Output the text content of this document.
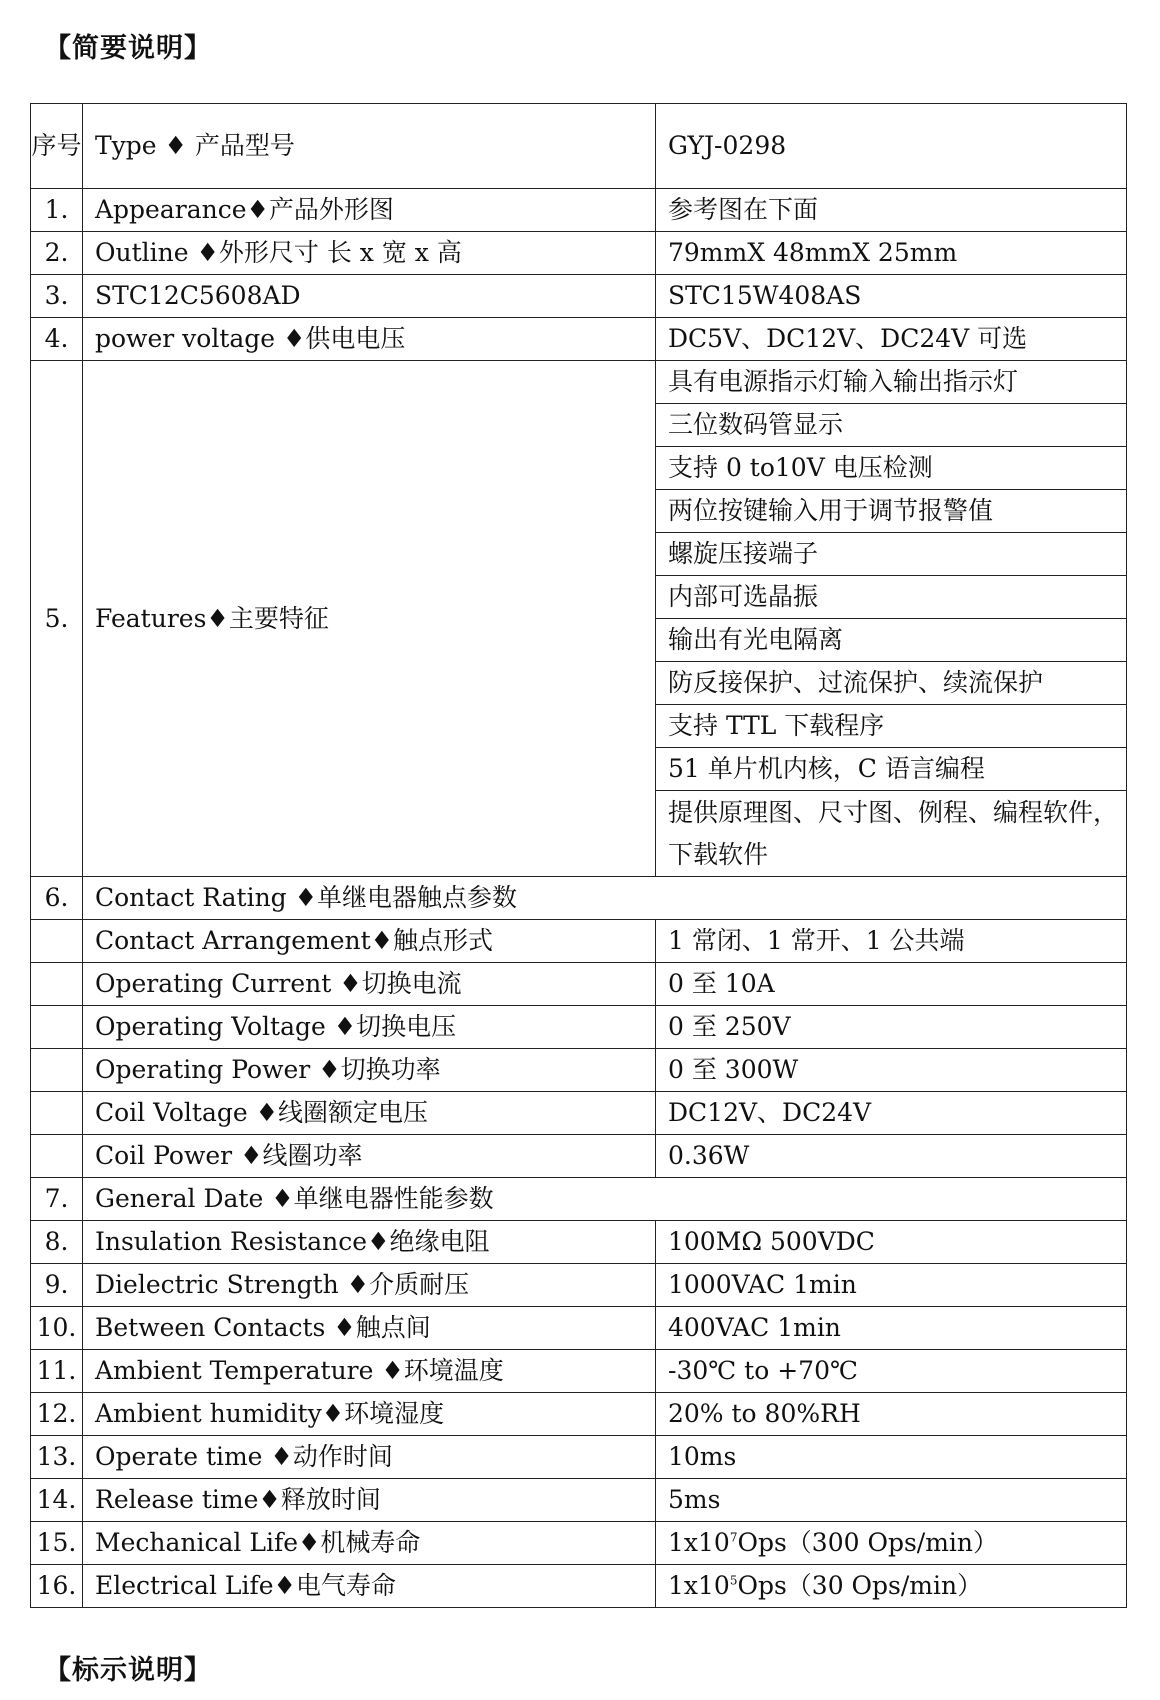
【简要说明】
序号	Type ♦ 产品型号	GYJ-0298
1.	Appearance♦产品外形图	参考图在下面
2.	Outline ♦外形尺寸 长 x 宽 x 高	79mmX 48mmX 25mm
3.	STC12C5608AD	STC15W408AS
4.	power voltage ♦供电电压	DC5V、DC12V、DC24V 可选
5.	Features♦主要特征	具有电源指示灯输入输出指示灯
		三位数码管显示
		支持 0 to10V 电压检测
		两位按键输入用于调节报警值
		螺旋压接端子
		内部可选晶振
		输出有光电隔离
		防反接保护、过流保护、续流保护
		支持 TTL 下载程序
		51 单片机内核，C 语言编程
		提供原理图、尺寸图、例程、编程软件，下载软件
6.	Contact Rating ♦单继电器触点参数	
	Contact Arrangement♦触点形式	1 常闭、1 常开、1 公共端
	Operating Current ♦切换电流	0 至 10A
	Operating Voltage ♦切换电压	0 至 250V
	Operating Power ♦切换功率	0 至 300W
	Coil Voltage ♦线圈额定电压	DC12V、DC24V
	Coil Power ♦线圈功率	0.36W
7.	General Date ♦单继电器性能参数	
8.	Insulation Resistance♦绝缘电阻	100MΩ 500VDC
9.	Dielectric Strength ♦介质耐压	1000VAC 1min
10.	Between Contacts ♦触点间	400VAC 1min
11.	Ambient Temperature ♦环境温度	-30℃ to +70℃
12.	Ambient humidity♦环境湿度	20% to 80%RH
13.	Operate time ♦动作时间	10ms
14.	Release time♦释放时间	5ms
15.	Mechanical Life♦机械寿命	$1x10^7Ops(300$ Ops/min）
16.	Electrical Life♦电气寿命	$1x10^5Ops(30$ Ops/min）
【标示说明】
